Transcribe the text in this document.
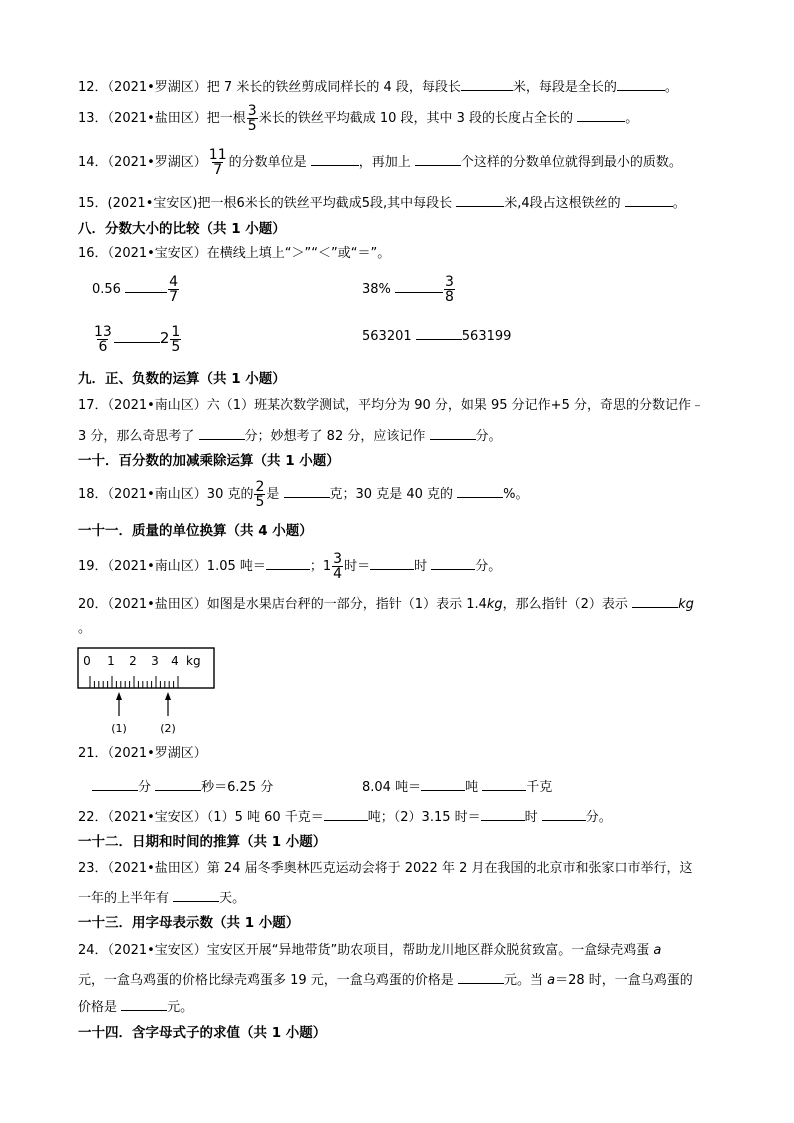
12．（2021•罗湖区）把 7 米长的铁丝剪成同样长的 4 段，每段长	米，每段是全长的	。
13．（2021•盐田区）把一根 $\frac{3}{5}$ 米长的铁丝平均截成 10 段，其中 3 段的长度占全长的	。
14．（2021•罗湖区） $\frac{11}{7}$ 的分数单位是	，再加上	个这样的分数单位就得到最小的质数。
15．(2021•宝安区)把一根6米长的铁丝平均截成5段,其中每段长	米,4段占这根铁丝的	。
八．分数大小的比较（共 1 小题）
16．（2021•宝安区）在横线上填上“＞”“＜”或“＝”。
0.56	$\frac{4}{7}$	38%	$\frac{3}{8}$
$\frac{13}{6}$	$2 \frac{1}{5}$	563201	563199
九．正、负数的运算（共 1 小题）
17．（2021•南山区）六（1）班某次数学测试，平均分为 90 分，如果 95 分记作+5 分，奇思的分数记作﹣
3 分，那么奇思考了	分；妙想考了 82 分，应该记作	分。
一十．百分数的加减乘除运算（共 1 小题）
18．（2021•南山区）30 克的 $\frac{2}{5}$ 是	克；30 克是 40 克的	%。
一十一．质量的单位换算（共 4 小题）
19．（2021•南山区）1.05 吨＝	；$1 \frac{3}{4}$ 时＝	时	分。
20．（2021•盐田区）如图是水果店台秤的一部分，指针（1）表示 1.4kg，那么指针（2）表示	kg
。
0 1 2 3 4 kg
(1)	(2)
21．（2021•罗湖区）
分	秒＝6.25 分	8.04 吨＝	吨	千克
22．（2021•宝安区）（1）5 吨 60 千克＝	吨；（2）3.15 时＝	时	分。
一十二．日期和时间的推算（共 1 小题）
23．（2021•盐田区）第 24 届冬季奥林匹克运动会将于 2022 年 2 月在我国的北京市和张家口市举行，这
一年的上半年有	天。
一十三．用字母表示数（共 1 小题）
24．（2021•宝安区）宝安区开展“异地带货”助农项目，帮助龙川地区群众脱贫致富。一盒绿壳鸡蛋 a
元，一盒乌鸡蛋的价格比绿壳鸡蛋多 19 元，一盒乌鸡蛋的价格是	元。当 a＝28 时，一盒乌鸡蛋的
价格是	元。
一十四．含字母式子的求值（共 1 小题）
